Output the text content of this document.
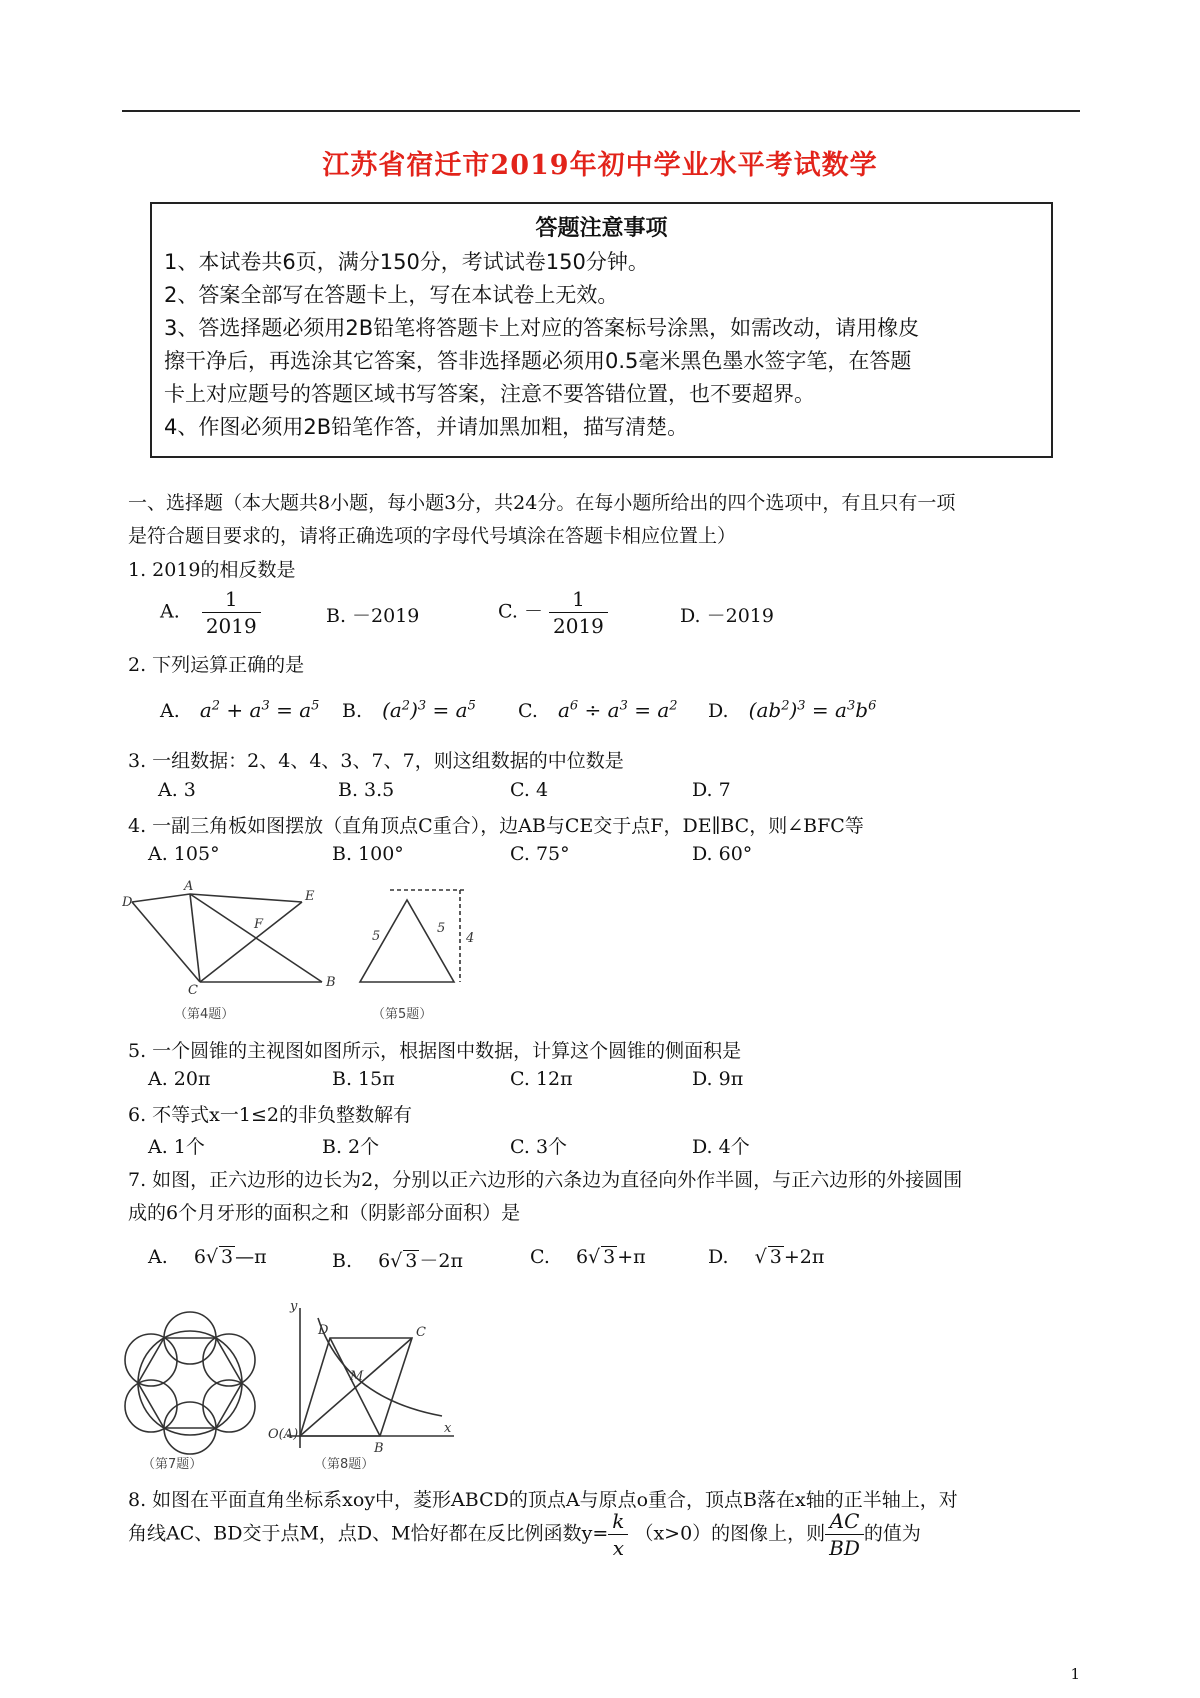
江苏省宿迁市2019年初中学业水平考试数学
答题注意事项
1、本试卷共6页，满分150分，考试试卷150分钟。
2、答案全部写在答题卡上，写在本试卷上无效。
3、答选择题必须用2B铅笔将答题卡上对应的答案标号涂黑，如需改动，请用橡皮
擦干净后，再选涂其它答案，答非选择题必须用0.5毫米黑色墨水签字笔，在答题
卡上对应题号的答题区域书写答案，注意不要答错位置，也不要超界。
4、作图必须用2B铅笔作答，并请加黑加粗，描写清楚。
一、选择题（本大题共8小题，每小题3分，共24分。在每小题所给出的四个选项中，有且只有一项
是符合题目要求的，请将正确选项的字母代号填涂在答题卡相应位置上）
1. 2019的相反数是
A. $\frac{1}{2019}$	B. －2019	C. － $\frac{1}{2019}$	D. －2019
2. 下列运算正确的是
A. $a^2 + a^3 = a^5$ B. $(a^2)^3 = a^5$ C. $a^6 \div a^3 = a^2$ D. $(ab^2)^3 = a^3b^6$
3. 一组数据：2、4、4、3、7、7，则这组数据的中位数是
A. 3	B. 3.5	C. 4	D. 7
4. 一副三角板如图摆放（直角顶点C重合），边AB与CE交于点F，DE∥BC，则∠BFC等
A. 105°	B. 100°	C. 75°	D. 60°
D
A
E
F
C
B
5
5
4
（第4题）	（第5题）
5. 一个圆锥的主视图如图所示，根据图中数据，计算这个圆锥的侧面积是
A. 20π	B. 15π	C. 12π	D. 9π
6. 不等式x一1≤2的非负整数解有
A. 1个	B. 2个	C. 3个	D. 4个
7. 如图，正六边形的边长为2，分别以正六边形的六条边为直径向外作半圆，与正六边形的外接圆围
成的6个月牙形的面积之和（阴影部分面积）是
A. 6√ 3 —π	B. 6√ 3 －2π	C. 6√ 3 +π	D. √ 3 +2π
y
x
D	C
M
O(A)
B
（第7题）	（第8题）
8. 如图在平面直角坐标系xoy中，菱形ABCD的顶点A与原点o重合，顶点B落在x轴的正半轴上，对
角线AC、BD交于点M，点D、M恰好都在反比例函数$y= \frac{k}{x} (x>0)$的图像上，则 $\frac{AC}{BD}$ 的值为
1
